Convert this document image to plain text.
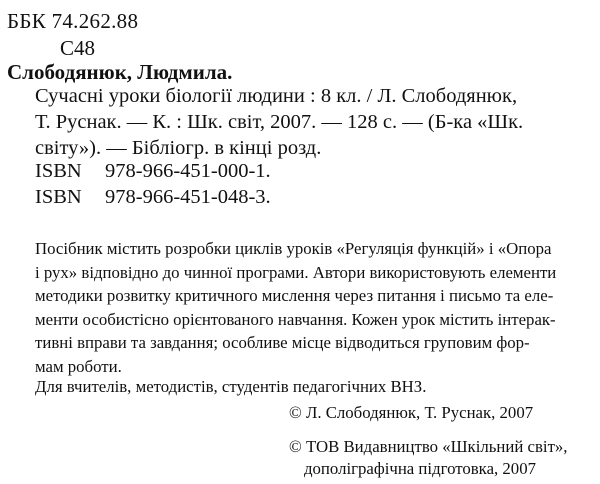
ББК 74.262.88
С48
Слободянюк, Людмила.
Сучасні уроки біології людини : 8 кл. / Л. Слободянюк,
Т. Руснак. — К. : Шк. світ, 2007. — 128 с. — (Б-ка «Шк.
світу»). — Бібліогр. в кінці розд.
ISBN 978-966-451-000-1.
ISBN 978-966-451-048-3.
Посібник містить розробки циклів уроків «Регуляція функцій» і «Опора
і рух» відповідно до чинної програми. Автори використовують елементи
методики розвитку критичного мислення через питання і письмо та еле-
менти особистісно орієнтованого навчання. Кожен урок містить інтерак-
тивні вправи та завдання; особливе місце відводиться груповим фор-
мам роботи.
Для вчителів, методистів, студентів педагогічних ВНЗ.
© Л. Слободянюк, Т. Руснак, 2007
© ТОВ Видавництво «Шкільний світ»,
дополіграфічна підготовка, 2007
